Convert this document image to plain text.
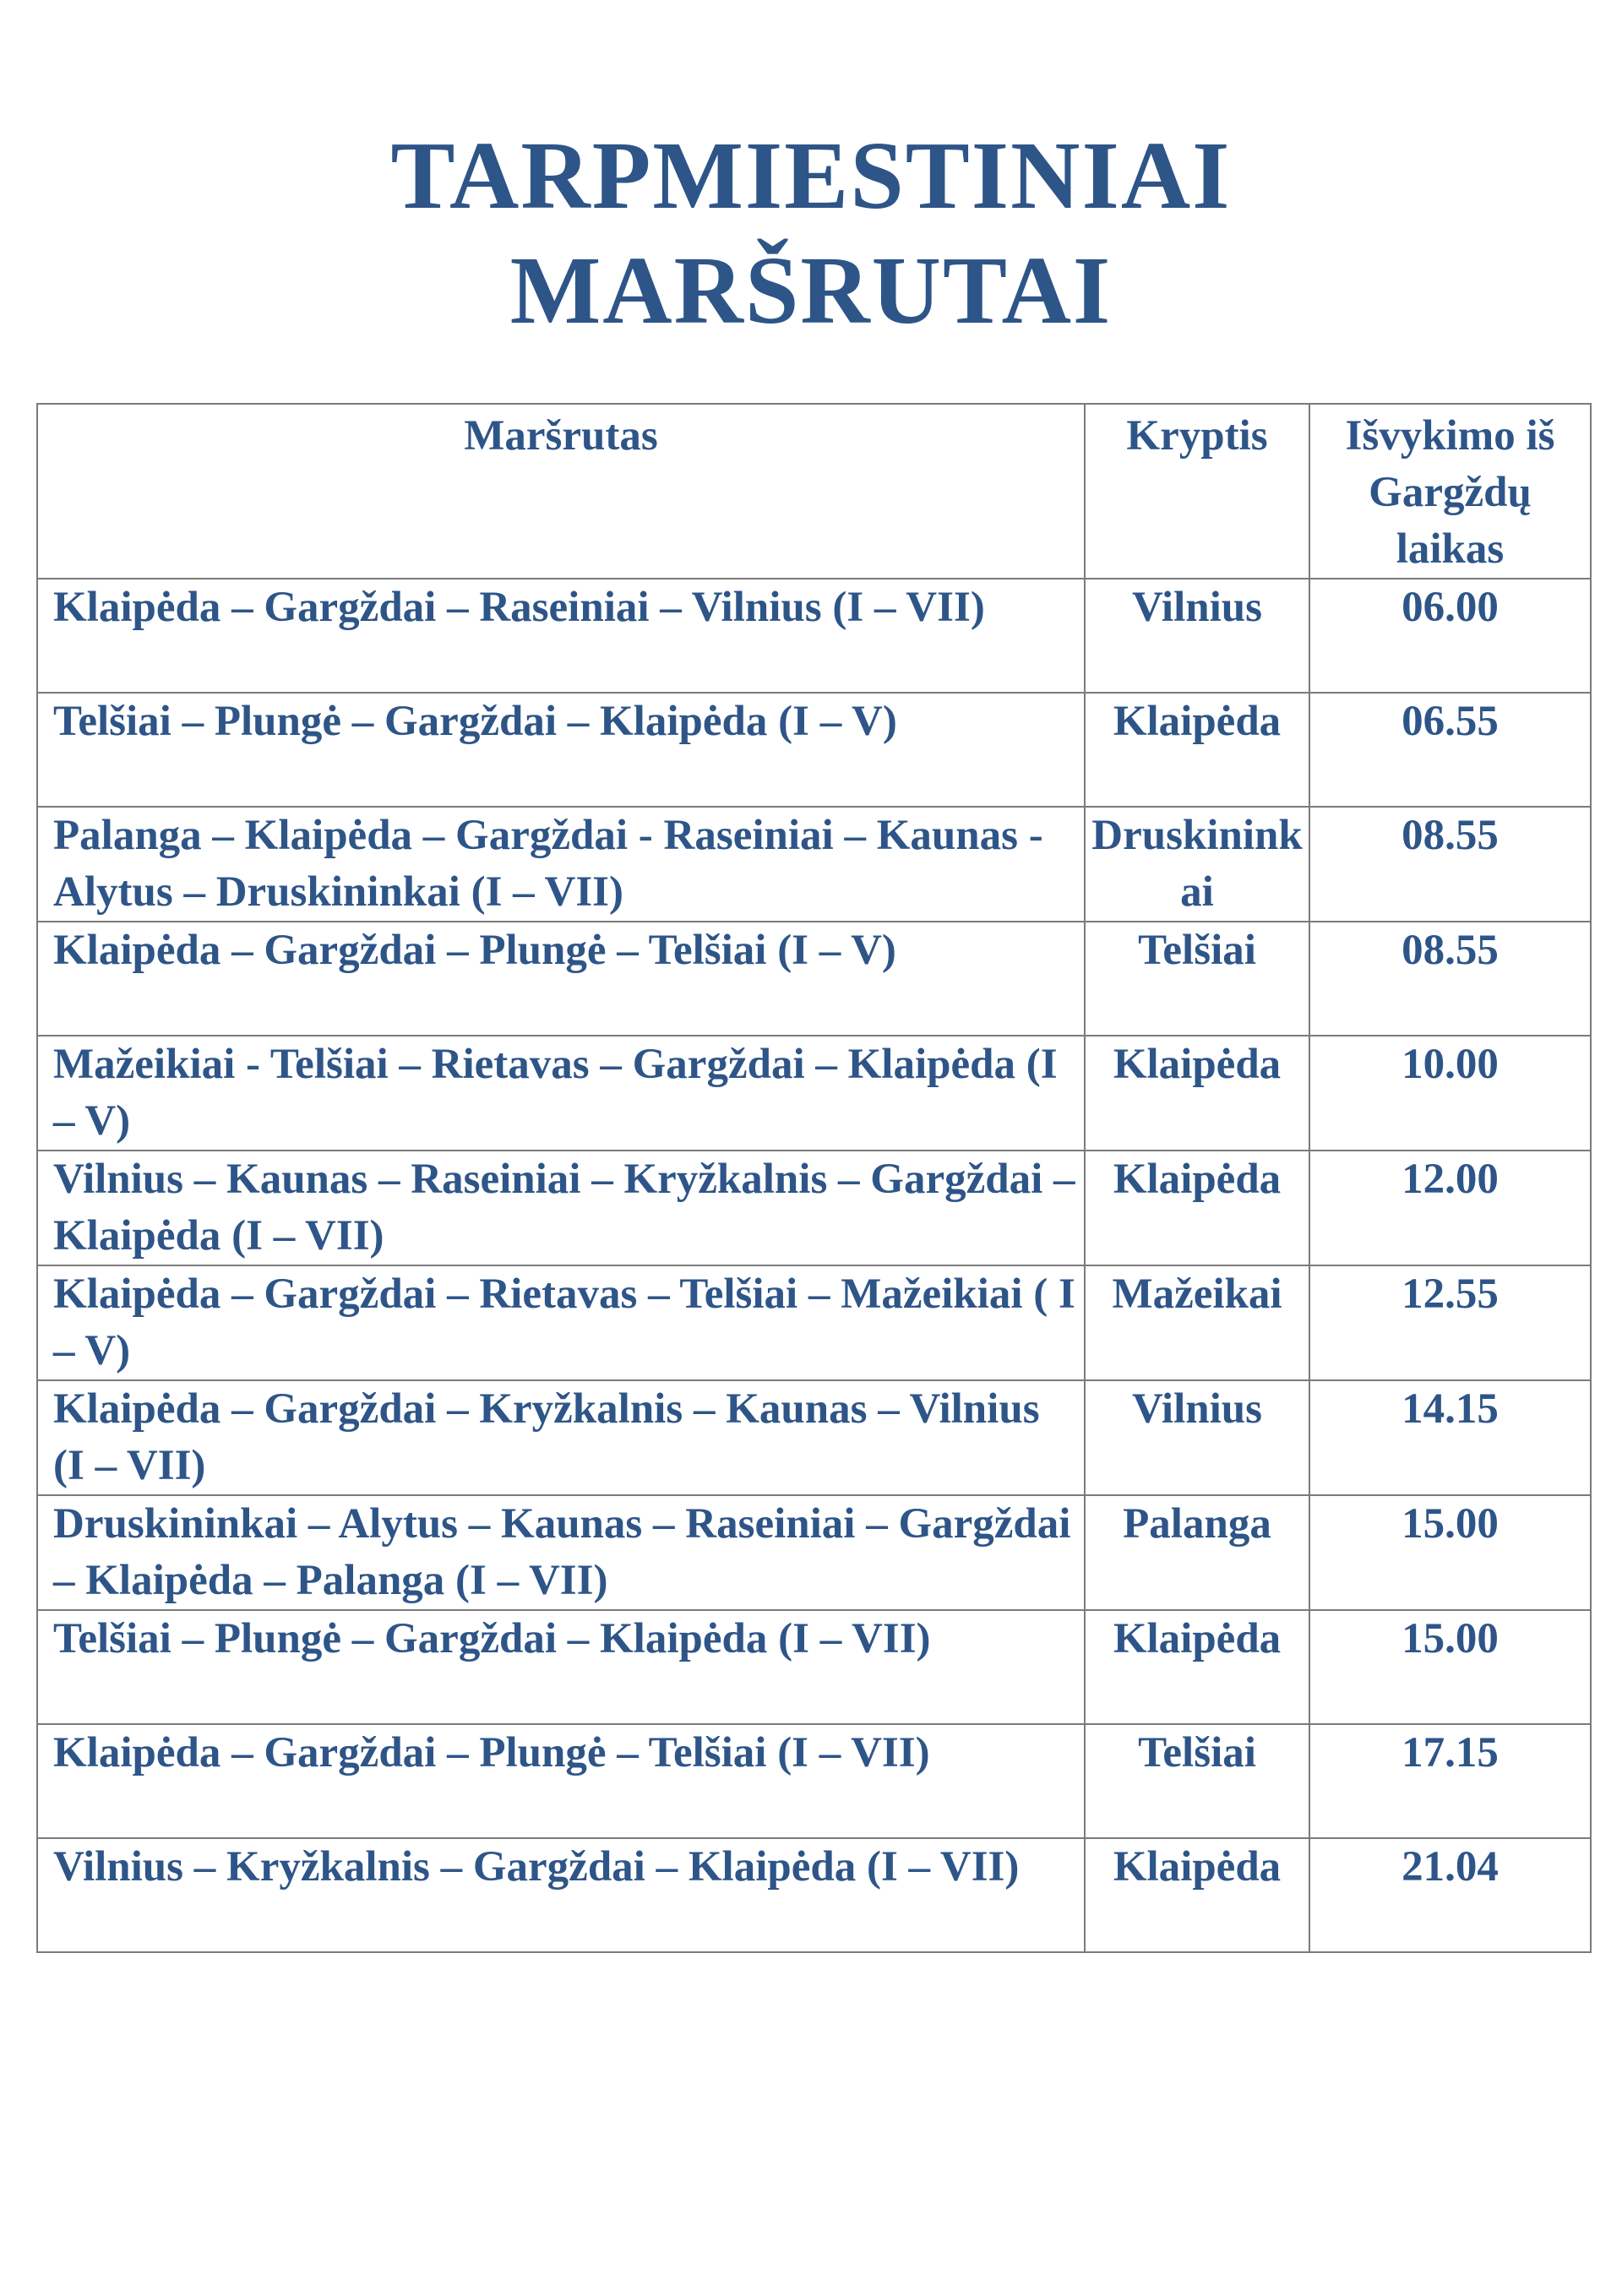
TARPMIESTINIAI
MARŠRUTAI
Maršrutas	Kryptis	Išvykimo iš Gargždų laikas
Klaipėda – Gargždai – Raseiniai – Vilnius (I – VII)	Vilnius	06.00
Telšiai – Plungė – Gargždai – Klaipėda (I – V)	Klaipėda	06.55
Palanga – Klaipėda – Gargždai - Raseiniai – Kaunas - Alytus – Druskininkai (I – VII)	Druskininkai	08.55
Klaipėda – Gargždai – Plungė – Telšiai (I – V)	Telšiai	08.55
Mažeikiai - Telšiai – Rietavas – Gargždai – Klaipėda (I – V)	Klaipėda	10.00
Vilnius – Kaunas – Raseiniai – Kryžkalnis – Gargždai – Klaipėda (I – VII)	Klaipėda	12.00
Klaipėda – Gargždai – Rietavas – Telšiai – Mažeikiai ( I – V)	Mažeikai	12.55
Klaipėda – Gargždai – Kryžkalnis – Kaunas – Vilnius (I – VII)	Vilnius	14.15
Druskininkai – Alytus – Kaunas – Raseiniai – Gargždai – Klaipėda – Palanga (I – VII)	Palanga	15.00
Telšiai – Plungė – Gargždai – Klaipėda (I – VII)	Klaipėda	15.00
Klaipėda – Gargždai – Plungė – Telšiai (I – VII)	Telšiai	17.15
Vilnius – Kryžkalnis – Gargždai – Klaipėda (I – VII)	Klaipėda	21.04
